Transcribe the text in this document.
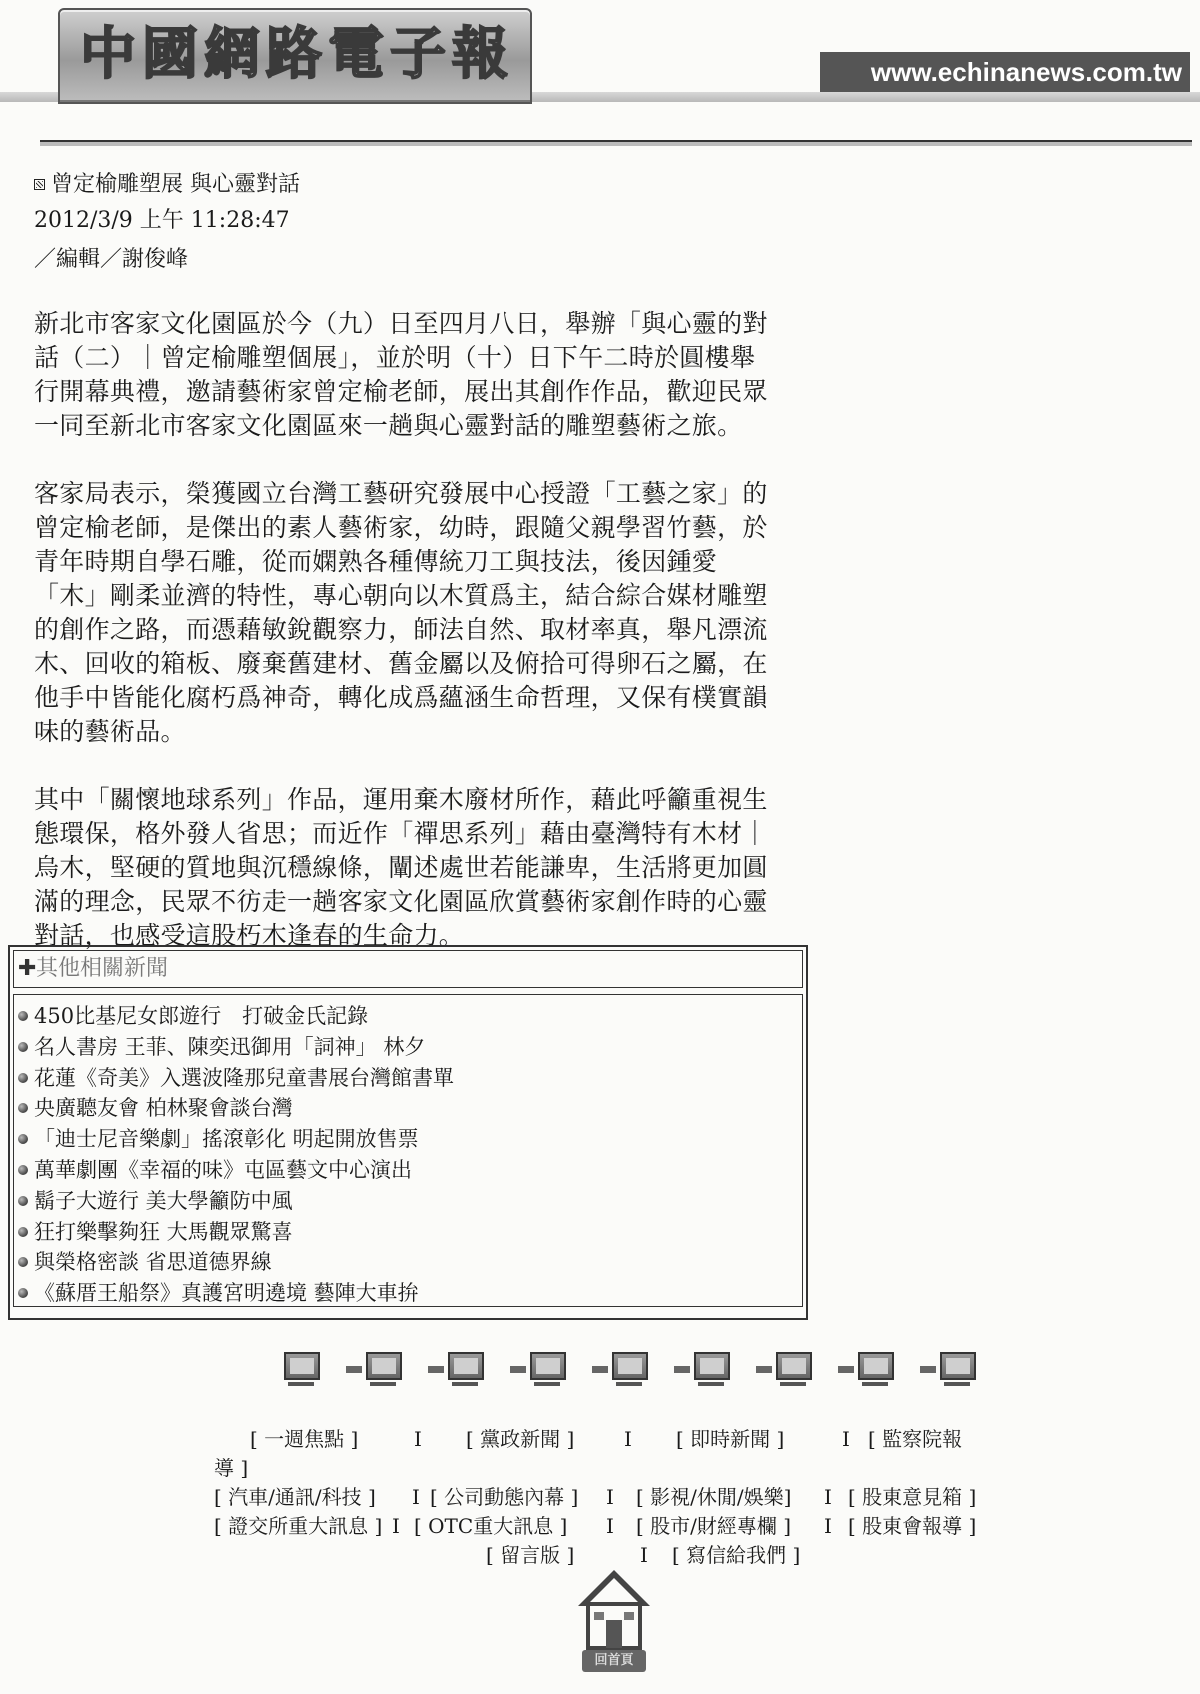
中國網路電子報	www.echinanews.com.tw
曾定榆雕塑展 與心靈對話
2012/3/9 上午 11:28:47
／編輯／謝俊峰

新北市客家文化園區於今（九）日至四月八日，舉辦「與心靈的對
話（二）｜曾定榆雕塑個展」，並於明（十）日下午二時於圓樓舉
行開幕典禮，邀請藝術家曾定榆老師，展出其創作作品，歡迎民眾
一同至新北市客家文化園區來一趟與心靈對話的雕塑藝術之旅。

客家局表示，榮獲國立台灣工藝研究發展中心授證「工藝之家」的
曾定榆老師，是傑出的素人藝術家，幼時，跟隨父親學習竹藝，於
青年時期自學石雕，從而嫻熟各種傳統刀工與技法，後因鍾愛
「木」剛柔並濟的特性，專心朝向以木質爲主，結合綜合媒材雕塑
的創作之路，而憑藉敏銳觀察力，師法自然、取材率真，舉凡漂流
木、回收的箱板、廢棄舊建材、舊金屬以及俯拾可得卵石之屬，在
他手中皆能化腐朽爲神奇，轉化成爲蘊涵生命哲理，又保有樸實韻
味的藝術品。

其中「關懷地球系列」作品，運用棄木廢材所作，藉此呼籲重視生
態環保，格外發人省思；而近作「禪思系列」藉由臺灣特有木材｜
烏木，堅硬的質地與沉穩線條，闡述處世若能謙卑，生活將更加圓
滿的理念，民眾不彷走一趟客家文化園區欣賞藝術家創作時的心靈
對話，也感受這股朽木逢春的生命力。

✚其他相關新聞
450比基尼女郎遊行　打破金氏記錄
名人書房 王菲、陳奕迅御用「詞神」 林夕
花蓮《奇美》入選波隆那兒童書展台灣館書單
央廣聽友會 柏林聚會談台灣
「迪士尼音樂劇」搖滾彰化 明起開放售票
萬華劇團《幸福的味》屯區藝文中心演出
鬍子大遊行 美大學籲防中風
狂打樂擊夠狂 大馬觀眾驚喜
與榮格密談 省思道德界線
《蘇厝王船祭》真護宮明遶境 藝陣大車拚
[ 一週焦點 ]	I [ 黨政新聞 ] I [ 即時新聞 ]	I [ 監察院報
導 ]
[ 汽車/通訊/科技 ] I [ 公司動態內幕 ] I [ 影視/休閒/娛樂] I [ 股東意見箱 ]
[ 證交所重大訊息 ] I [ OTC重大訊息 ] I [ 股市/財經專欄 ] I [ 股東會報導 ]
[ 留言版 ]	I [ 寫信給我們 ]
回首頁
